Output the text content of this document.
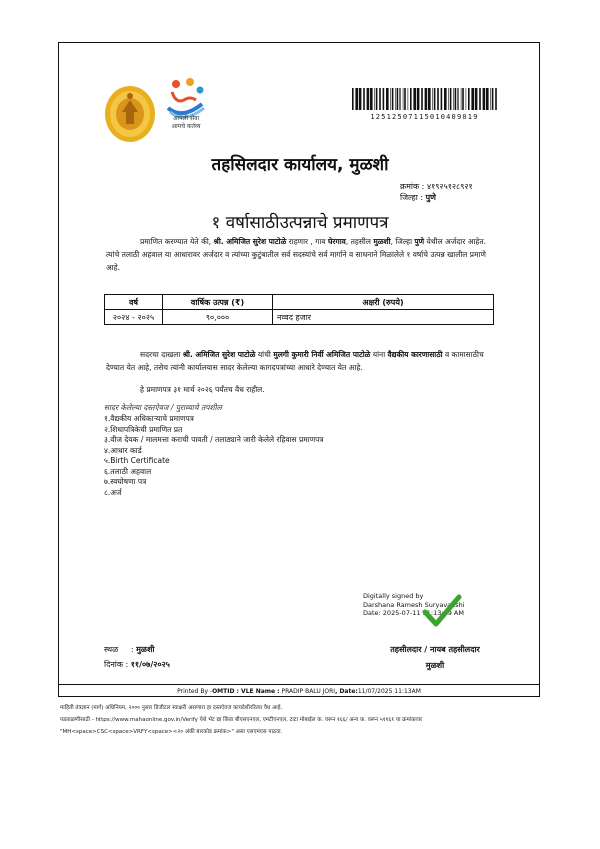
आपली सेवा
आमचे कर्तव्य
12512507115010409019
तहसिलदार कार्यालय, मुळशी
क्रमांक : ४१९२५१२८९२१
जिल्हा : पुणे
१ वर्षासाठीउत्पन्नाचे प्रमाणपत्र
प्रमाणित करण्यात येते की, श्री. अमिजित सुरेश पाटोळे राहणार , गाव घेरगाव, तहसील मुळशी, जिल्हा पुणे येथील अर्जदार आहेत. त्यांचे तलाठी अहवाल या आधारावर अर्जदार व त्यांच्या कुटुंबातील सर्व सदस्यांचे सर्व मार्गाने व साधनाने मिळालेले १ वर्षाचे उत्पन्न खालील प्रमाणे आहे.
वर्ष	वार्षिक उत्पन्न (₹)	अक्षरी (रुपये)
२०२४ - २०२५	९०,०००	नव्वद हजार
सदरचा दाखला श्री. अमिजित सुरेश पाटोळे यांची मुलगी कुमारी निर्वी अमिजित पाटोळे यांना वैद्यकीय कारणासाठी व कामासाठीच देण्यात येत आहे, तसेच त्यांनी कार्यालयास सादर केलेल्या कागदपत्रांच्या आधारे देण्यात येत आहे.
हे प्रमाणपत्र ३१ मार्च २०२६ पर्यंतच वैध राहील.
सादर केलेल्या दस्तऐवज / पुराव्याचे तपशील
१.वैद्यकीय अधिकाऱ्याचे प्रमाणपत्र
२.शिधापत्रिकेची प्रमाणित प्रत
३.वीज देयक / मालमत्ता कराची पावती / तलाठ्याने जारी केलेले रहिवास प्रमाणपत्र
४.आधार कार्ड
५.Birth Certificate
६.तलाठी अहवाल
७.स्वघोषणा पत्र
८.अर्ज
Digitally signed by
Darshana Ramesh Suryavanshi
Date: 2025-07-11 11:13:59 AM
तहसीलदार / नायब तहसीलदार
मुळशी
स्थळ     : मुळशी
दिनांक : ११/०७/२०२५
Printed By -OMTID : VLE Name : PRADIP BALU JORI, Date:11/07/2025 11:13AM
माहिती तंत्रज्ञान (मार्ग) अधिनियम, २००० नुसार डिजीटल स्वाक्षरी असणारा हा दस्तऐवज कायदेशीररित्या वैध आहे.
पडताळणीसाठी - https://www.mahaonline.gov.in/Verify येथे भेट द्या किंवा बीएसएनएल, एमटीएनएल, टाटा मोबाईल क. वरून १६६/ अन्य क. वरून ५११६१ या क्रमांकावर
"MH<space>CSC<space>VRFY<space><२० अंकी बारकोड क्रमांक>" असा एसएमएस पाठवा.
